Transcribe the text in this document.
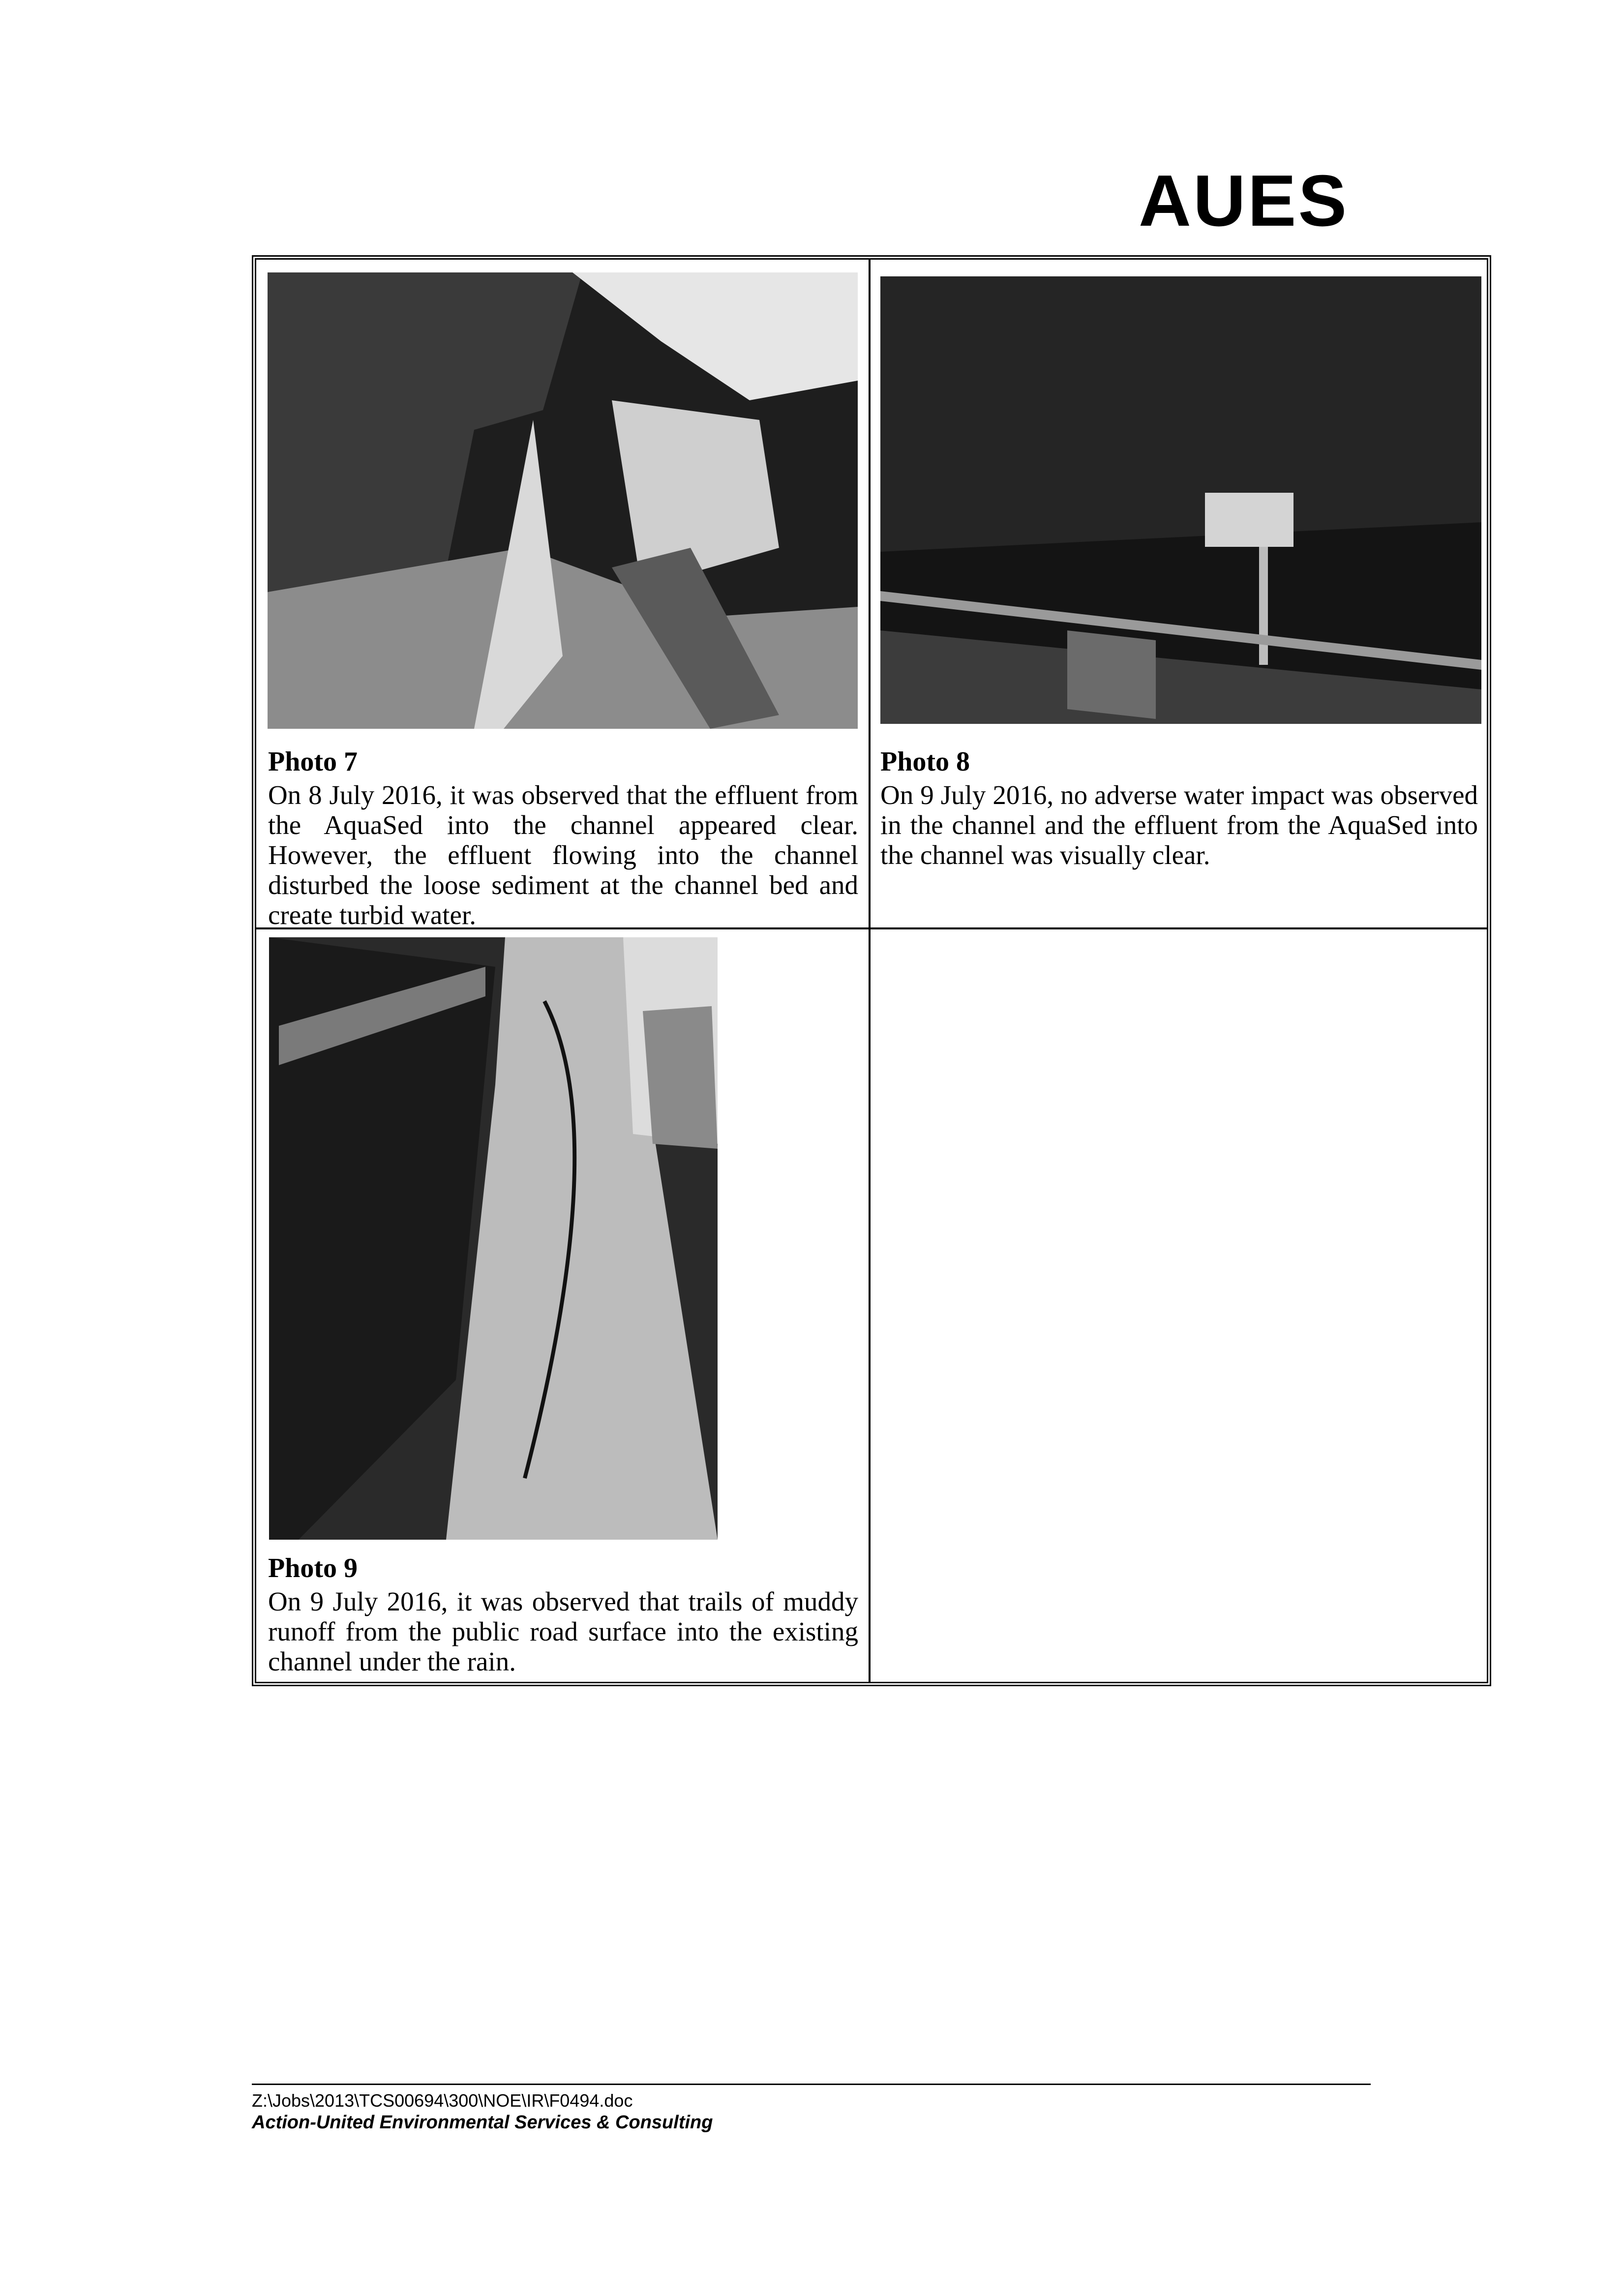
AUES
Photo 7
On 8 July 2016, it was observed that the effluent from the AquaSed into the channel appeared clear. However, the effluent flowing into the channel disturbed the loose sediment at the channel bed and create turbid water.
Photo 8
On 9 July 2016, no adverse water impact was observed in the channel and the effluent from the AquaSed into the channel was visually clear.
Photo 9
On 9 July 2016, it was observed that trails of muddy runoff from the public road surface into the existing channel under the rain.
Z:\Jobs\2013\TCS00694\300\NOE\IR\F0494.doc
Action-United Environmental Services & Consulting
